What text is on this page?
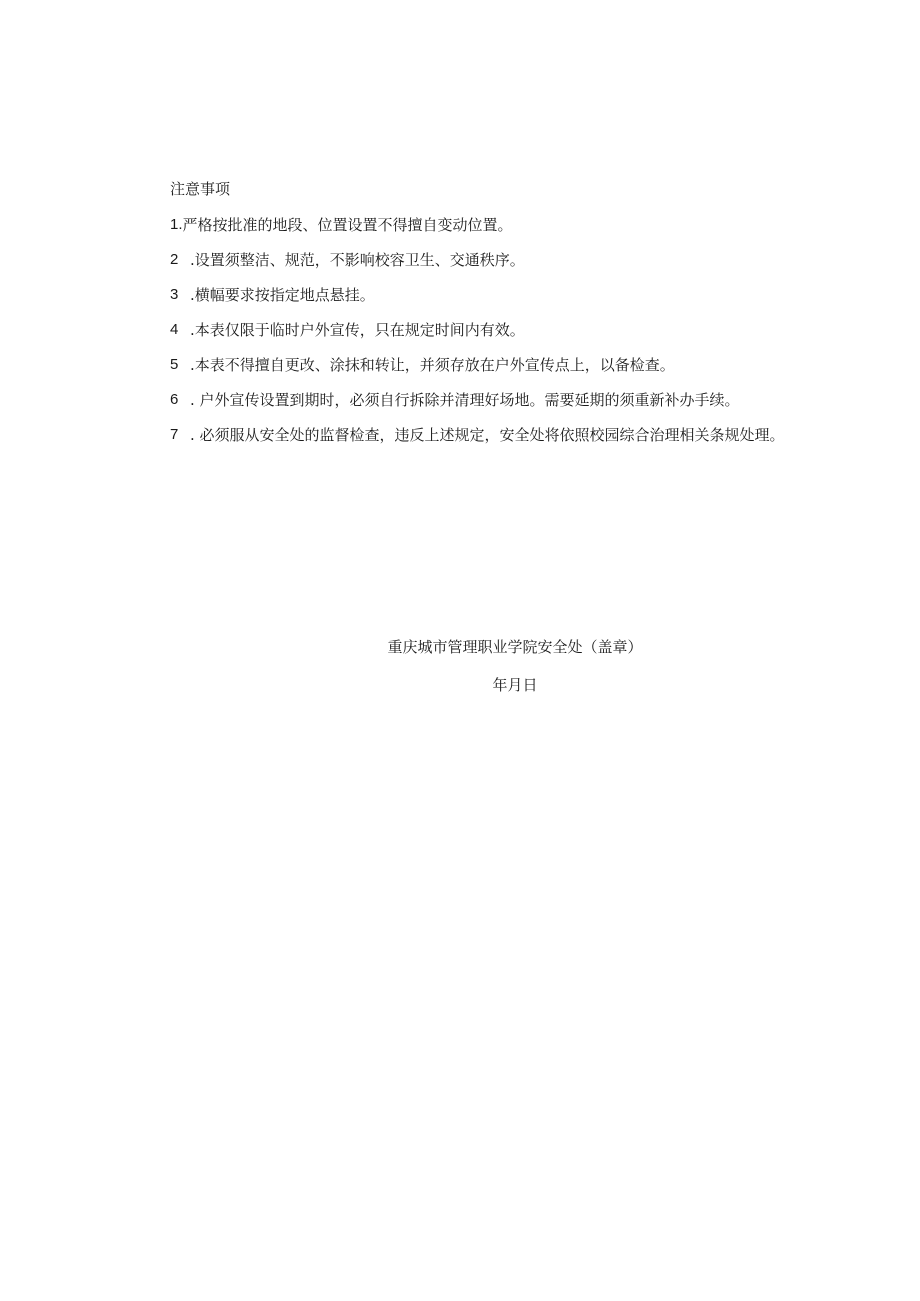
注意事项
1. 严格按批准的地段、位置设置不得擅自变动位置。
2 .设置须整洁、规范，不影响校容卫生、交通秩序。
3 .横幅要求按指定地点悬挂。
4 .本表仅限于临时户外宣传，只在规定时间内有效。
5 .本表不得擅自更改、涂抹和转让，并须存放在户外宣传点上，以备检查。
6 . 户外宣传设置到期时，必须自行拆除并清理好场地。需要延期的须重新补办手续。
7 . 必须服从安全处的监督检查，违反上述规定，安全处将依照校园综合治理相关条规处理。
重庆城市管理职业学院安全处（盖章）
年月日
